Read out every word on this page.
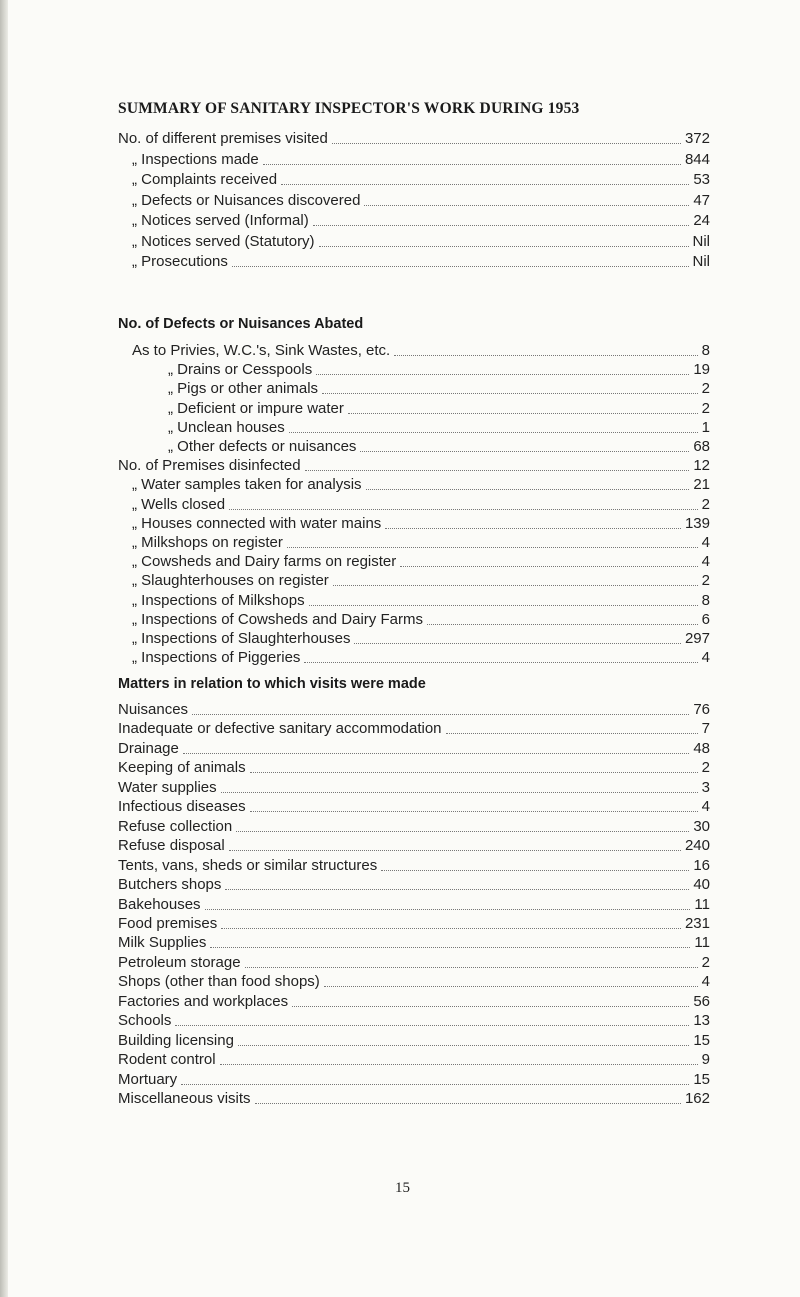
SUMMARY OF SANITARY INSPECTOR'S WORK DURING 1953
No. of different premises visited	372
„ Inspections made	844
„ Complaints received	53
„ Defects or Nuisances discovered	47
„ Notices served (Informal)	24
„ Notices served (Statutory)	Nil
„ Prosecutions	Nil
No. of Defects or Nuisances Abated
As to Privies, W.C.'s, Sink Wastes, etc.	8
„ Drains or Cesspools	19
„ Pigs or other animals	2
„ Deficient or impure water	2
„ Unclean houses	1
„ Other defects or nuisances	68
No. of Premises disinfected	12
„ Water samples taken for analysis	21
„ Wells closed	2
„ Houses connected with water mains	139
„ Milkshops on register	4
„ Cowsheds and Dairy farms on register	4
„ Slaughterhouses on register	2
„ Inspections of Milkshops	8
„ Inspections of Cowsheds and Dairy Farms	6
„ Inspections of Slaughterhouses	297
„ Inspections of Piggeries	4
Matters in relation to which visits were made
Nuisances	76
Inadequate or defective sanitary accommodation	7
Drainage	48
Keeping of animals	2
Water supplies	3
Infectious diseases	4
Refuse collection	30
Refuse disposal	240
Tents, vans, sheds or similar structures	16
Butchers shops	40
Bakehouses	11
Food premises	231
Milk Supplies	11
Petroleum storage	2
Shops (other than food shops)	4
Factories and workplaces	56
Schools	13
Building licensing	15
Rodent control	9
Mortuary	15
Miscellaneous visits	162
15
